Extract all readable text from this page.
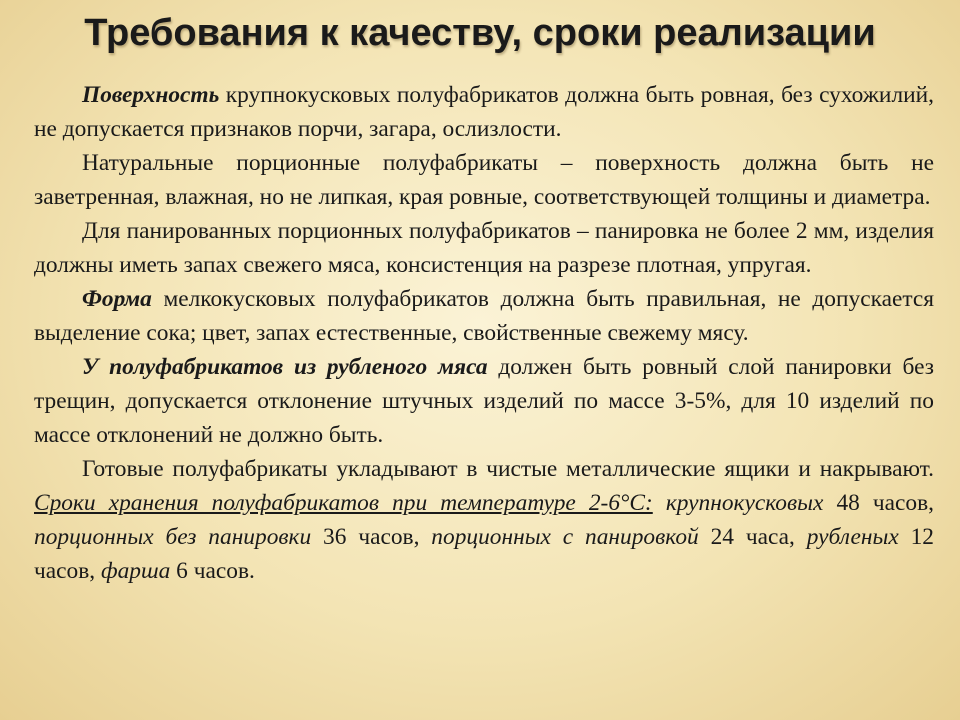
Требования к качеству, сроки реализации

Поверхность крупнокусковых полуфабрикатов должна быть ровная, без сухожилий, не допускается признаков порчи, загара, ослизлости.

Натуральные порционные полуфабрикаты – поверхность должна быть не заветренная, влажная, но не липкая, края ровные, соответствующей толщины и диаметра.

Для панированных порционных полуфабрикатов – панировка не более 2 мм, изделия должны иметь запах свежего мяса, консистенция на разрезе плотная, упругая.

Форма мелкокусковых полуфабрикатов должна быть правильная, не допускается выделение сока; цвет, запах естественные, свойственные свежему мясу.

У полуфабрикатов из рубленого мяса должен быть ровный слой панировки без трещин, допускается отклонение штучных изделий по массе 3-5%, для 10 изделий по массе отклонений не должно быть.

Готовые полуфабрикаты укладывают в чистые металлические ящики и накрывают. Сроки хранения полуфабрикатов при температуре 2-6°С: крупнокусковых 48 часов, порционных без панировки 36 часов, порционных с панировкой 24 часа, рубленых 12 часов, фарша 6 часов.
